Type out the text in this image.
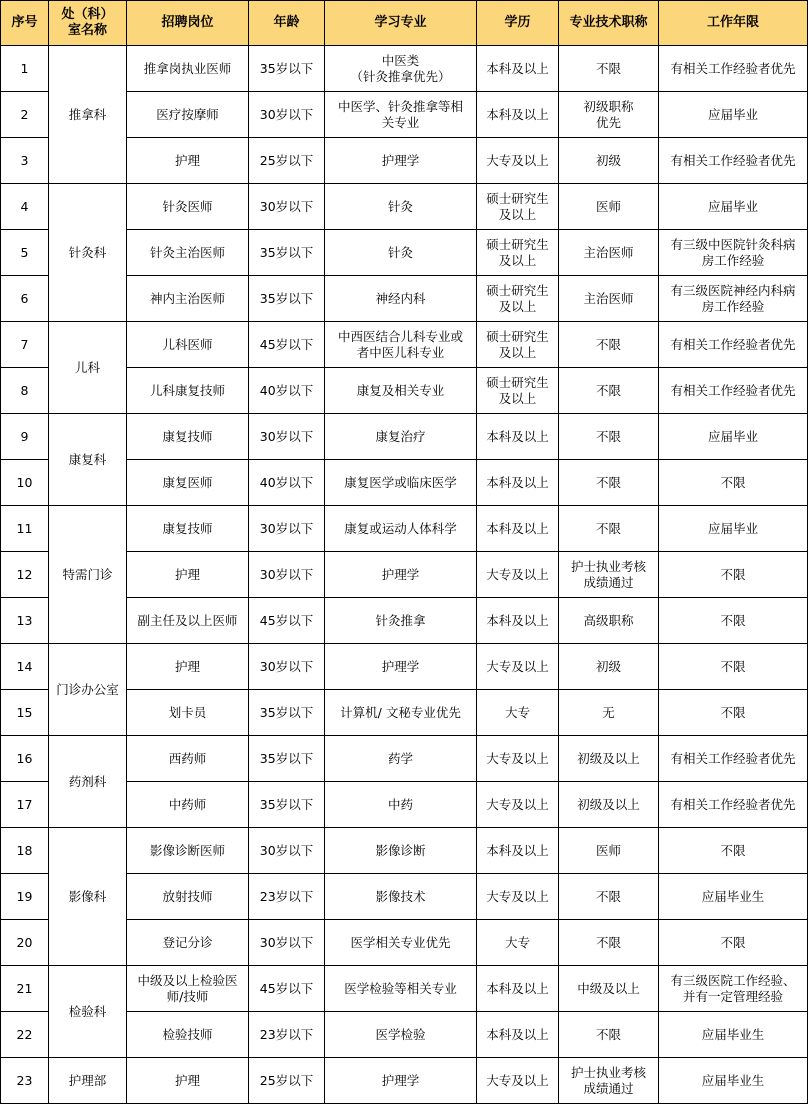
序号	处（科）
室名称	招聘岗位	年龄	学习专业	学历	专业技术职称	工作年限
1	推拿科	推拿岗执业医师	35岁以下	中医类
（针灸推拿优先）	本科及以上	不限	有相关工作经验者优先
2		医疗按摩师	30岁以下	中医学、针灸推拿等相
关专业	本科及以上	初级职称
优先	应届毕业
3		护理	25岁以下	护理学	大专及以上	初级	有相关工作经验者优先
4	针灸科	针灸医师	30岁以下	针灸	硕士研究生
及以上	医师	应届毕业
5		针灸主治医师	35岁以下	针灸	硕士研究生
及以上	主治医师	有三级中医院针灸科病
房工作经验
6		神内主治医师	35岁以下	神经内科	硕士研究生
及以上	主治医师	有三级医院神经内科病
房工作经验
7	儿科	儿科医师	45岁以下	中西医结合儿科专业或
者中医儿科专业	硕士研究生
及以上	不限	有相关工作经验者优先
8		儿科康复技师	40岁以下	康复及相关专业	硕士研究生
及以上	不限	有相关工作经验者优先
9	康复科	康复技师	30岁以下	康复治疗	本科及以上	不限	应届毕业
10		康复医师	40岁以下	康复医学或临床医学	本科及以上	不限	不限
11	特需门诊	康复技师	30岁以下	康复或运动人体科学	本科及以上	不限	应届毕业
12		护理	30岁以下	护理学	大专及以上	护士执业考核
成绩通过	不限
13		副主任及以上医师	45岁以下	针灸推拿	本科及以上	高级职称	不限
14	门诊办公室	护理	30岁以下	护理学	大专及以上	初级	不限
15		划卡员	35岁以下	计算机/ 文秘专业优先	大专	无	不限
16	药剂科	西药师	35岁以下	药学	大专及以上	初级及以上	有相关工作经验者优先
17		中药师	35岁以下	中药	大专及以上	初级及以上	有相关工作经验者优先
18	影像科	影像诊断医师	30岁以下	影像诊断	本科及以上	医师	不限
19		放射技师	23岁以下	影像技术	大专及以上	不限	应届毕业生
20		登记分诊	30岁以下	医学相关专业优先	大专	不限	不限
21	检验科	中级及以上检验医
师/技师	45岁以下	医学检验等相关专业	本科及以上	中级及以上	有三级医院工作经验、
并有一定管理经验
22		检验技师	23岁以下	医学检验	本科及以上	不限	应届毕业生
23	护理部	护理	25岁以下	护理学	大专及以上	护士执业考核
成绩通过	应届毕业生
